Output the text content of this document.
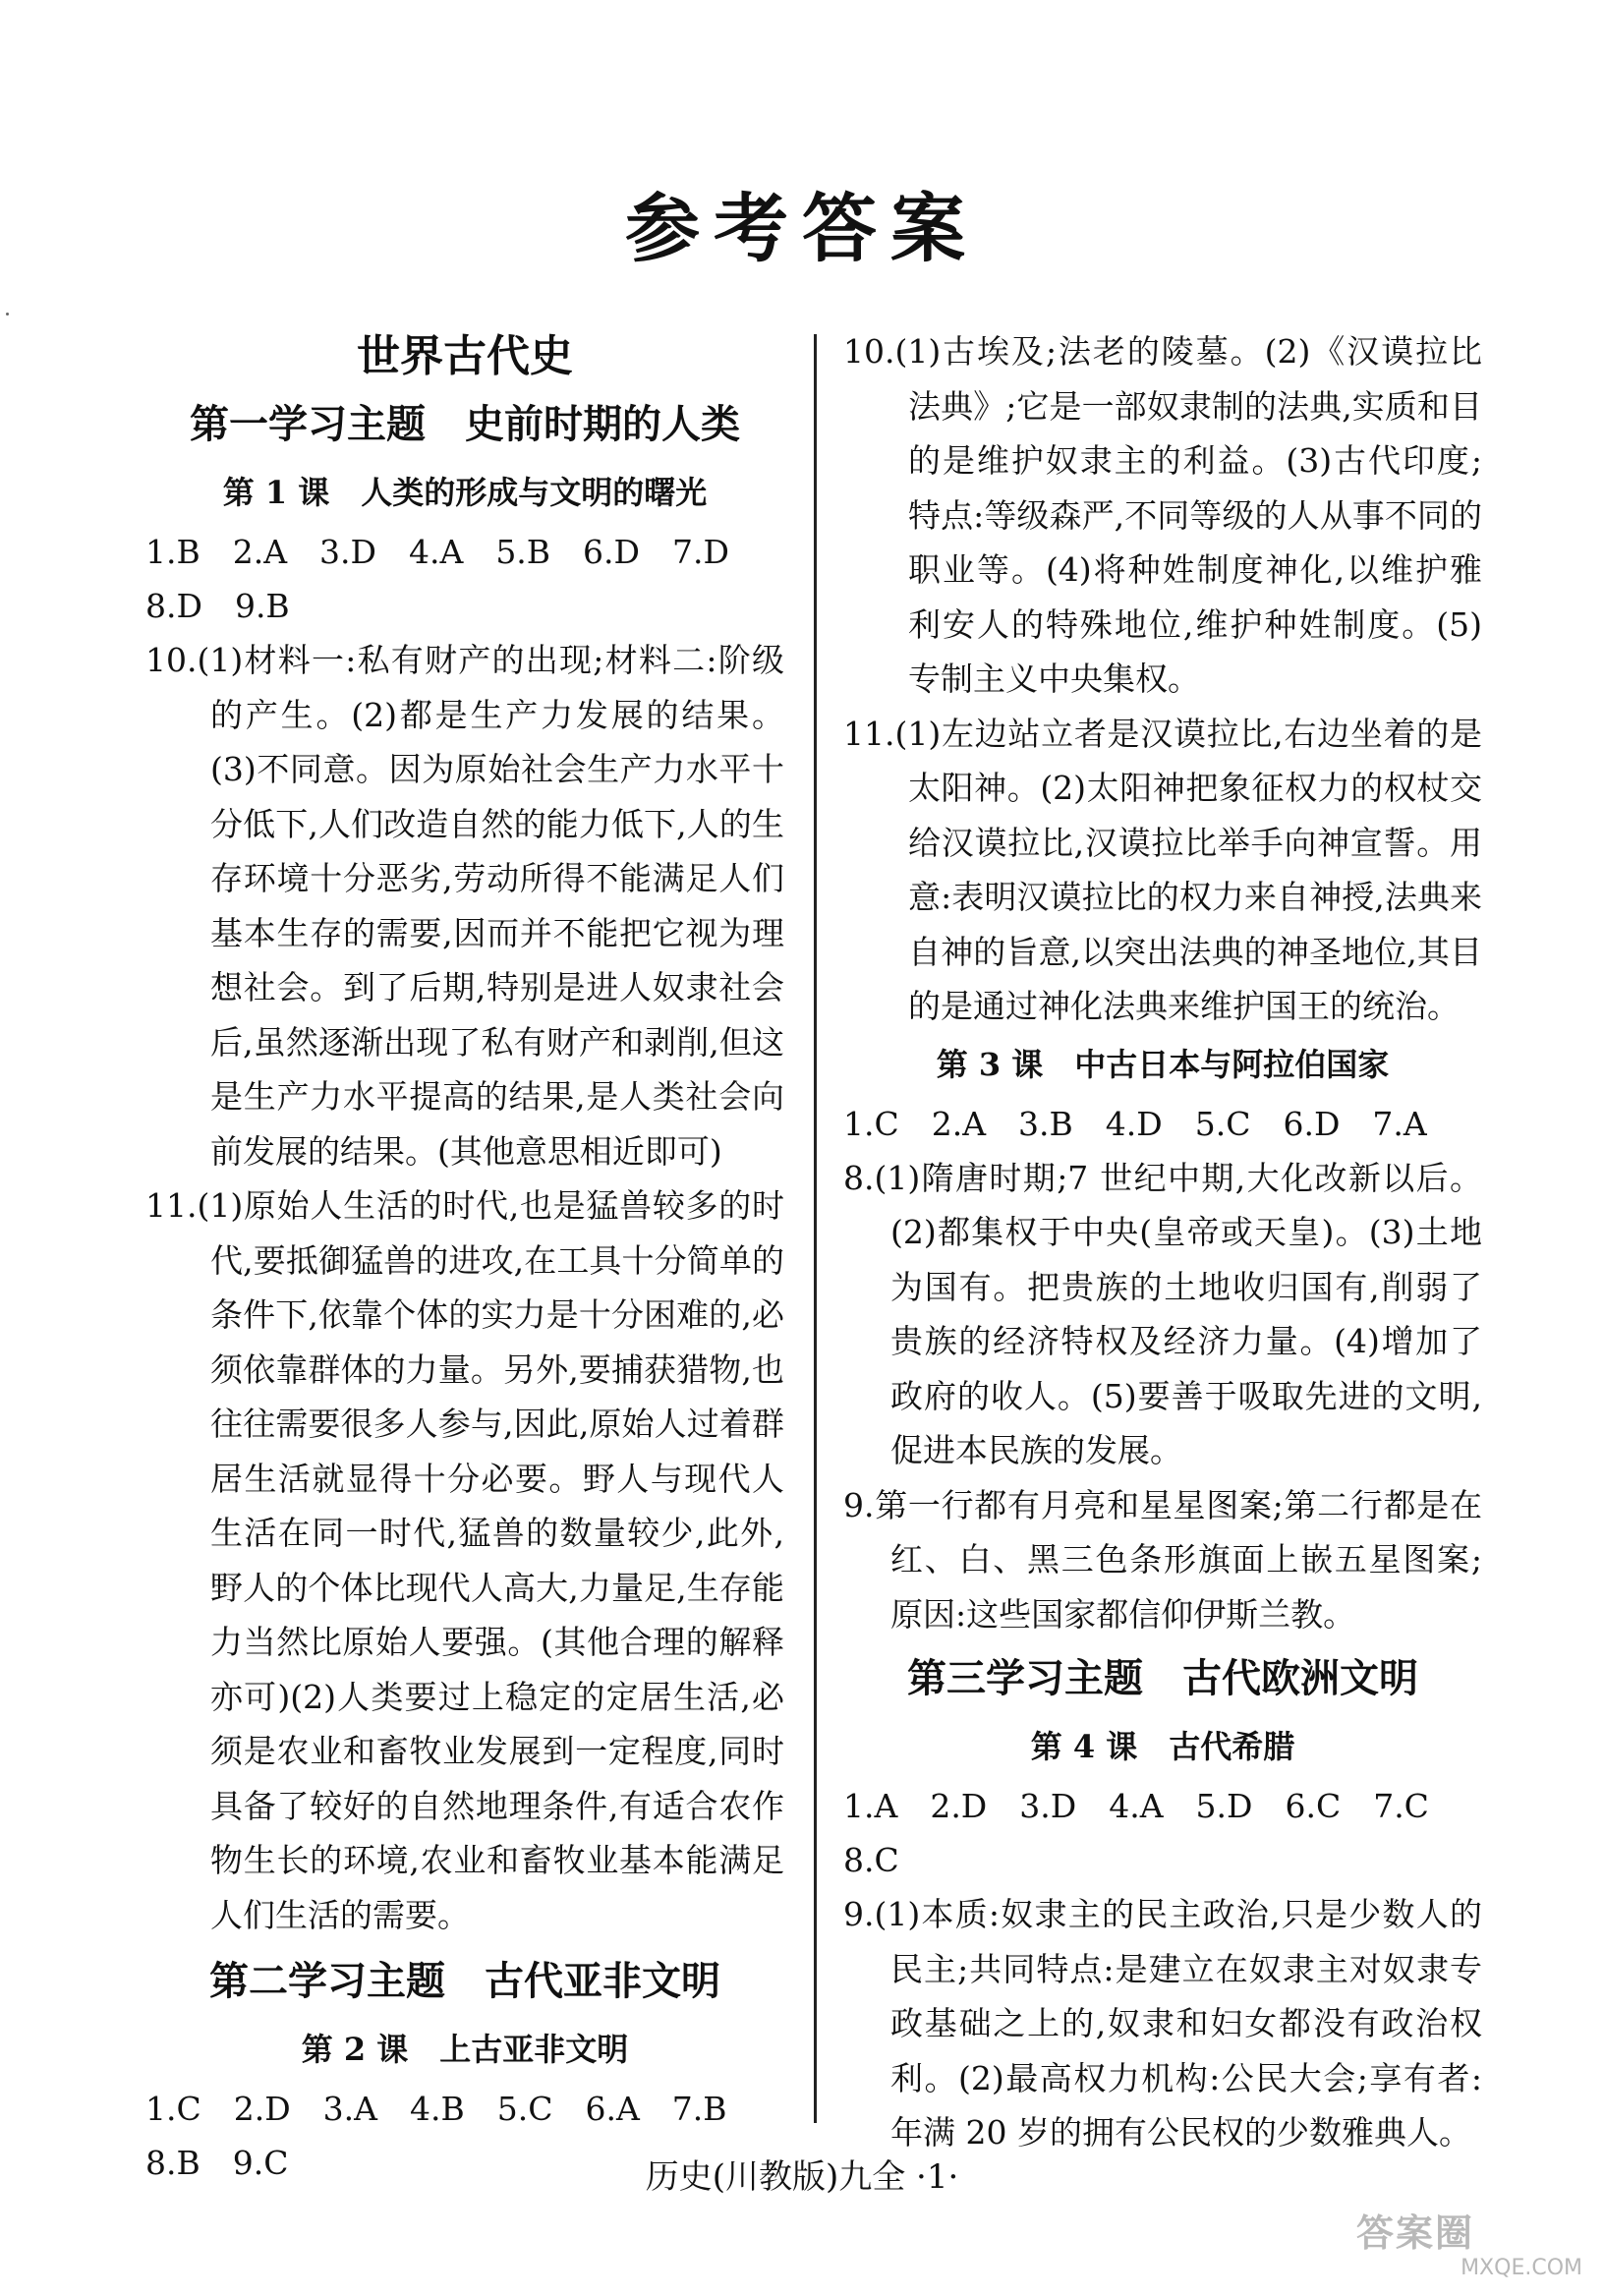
参考答案
世界古代史
第一学习主题　史前时期的人类
第 1 课　人类的形成与文明的曙光

1.B　2.A　3.D　4.A　5.B　6.D　7.D

8.D　9.B

10.(1)材料一:私有财产的出现;材料二:阶级的产生。(2)都是生产力发展的结果。(3)不同意。因为原始社会生产力水平十分低下,人们改造自然的能力低下,人的生存环境十分恶劣,劳动所得不能满足人们基本生存的需要,因而并不能把它视为理想社会。到了后期,特别是进人奴隶社会后,虽然逐渐出现了私有财产和剥削,但这是生产力水平提高的结果,是人类社会向前发展的结果。(其他意思相近即可)

11.(1)原始人生活的时代,也是猛兽较多的时代,要抵御猛兽的进攻,在工具十分简单的条件下,依靠个体的实力是十分困难的,必须依靠群体的力量。另外,要捕获猎物,也往往需要很多人参与,因此,原始人过着群居生活就显得十分必要。野人与现代人生活在同一时代,猛兽的数量较少,此外,野人的个体比现代人高大,力量足,生存能力当然比原始人要强。(其他合理的解释亦可)(2)人类要过上稳定的定居生活,必须是农业和畜牧业发展到一定程度,同时具备了较好的自然地理条件,有适合农作物生长的环境,农业和畜牧业基本能满足人们生活的需要。

第二学习主题　古代亚非文明
第 2 课　上古亚非文明

1.C　2.D　3.A　4.B　5.C　6.A　7.B

8.B　9.C

10.(1)古埃及;法老的陵墓。(2)《汉谟拉比法典》;它是一部奴隶制的法典,实质和目的是维护奴隶主的利益。(3)古代印度;特点:等级森严,不同等级的人从事不同的职业等。(4)将种姓制度神化,以维护雅利安人的特殊地位,维护种姓制度。(5)专制主义中央集权。

11.(1)左边站立者是汉谟拉比,右边坐着的是太阳神。(2)太阳神把象征权力的权杖交给汉谟拉比,汉谟拉比举手向神宣誓。用意:表明汉谟拉比的权力来自神授,法典来自神的旨意,以突出法典的神圣地位,其目的是通过神化法典来维护国王的统治。

第 3 课　中古日本与阿拉伯国家

1.C　2.A　3.B　4.D　5.C　6.D　7.A

8.(1)隋唐时期;7 世纪中期,大化改新以后。(2)都集权于中央(皇帝或天皇)。(3)土地为国有。把贵族的土地收归国有,削弱了贵族的经济特权及经济力量。(4)增加了政府的收人。(5)要善于吸取先进的文明,促进本民族的发展。

9.第一行都有月亮和星星图案;第二行都是在红、白、黑三色条形旗面上嵌五星图案;原因:这些国家都信仰伊斯兰教。

第三学习主题　古代欧洲文明
第 4 课　古代希腊

1.A　2.D　3.D　4.A　5.D　6.C　7.C

8.C

9.(1)本质:奴隶主的民主政治,只是少数人的民主;共同特点:是建立在奴隶主对奴隶专政基础之上的,奴隶和妇女都没有政治权利。(2)最高权力机构:公民大会;享有者:年满 20 岁的拥有公民权的少数雅典人。

历史(川教版)九全 ·1·
答案圈
MXQE.COM
